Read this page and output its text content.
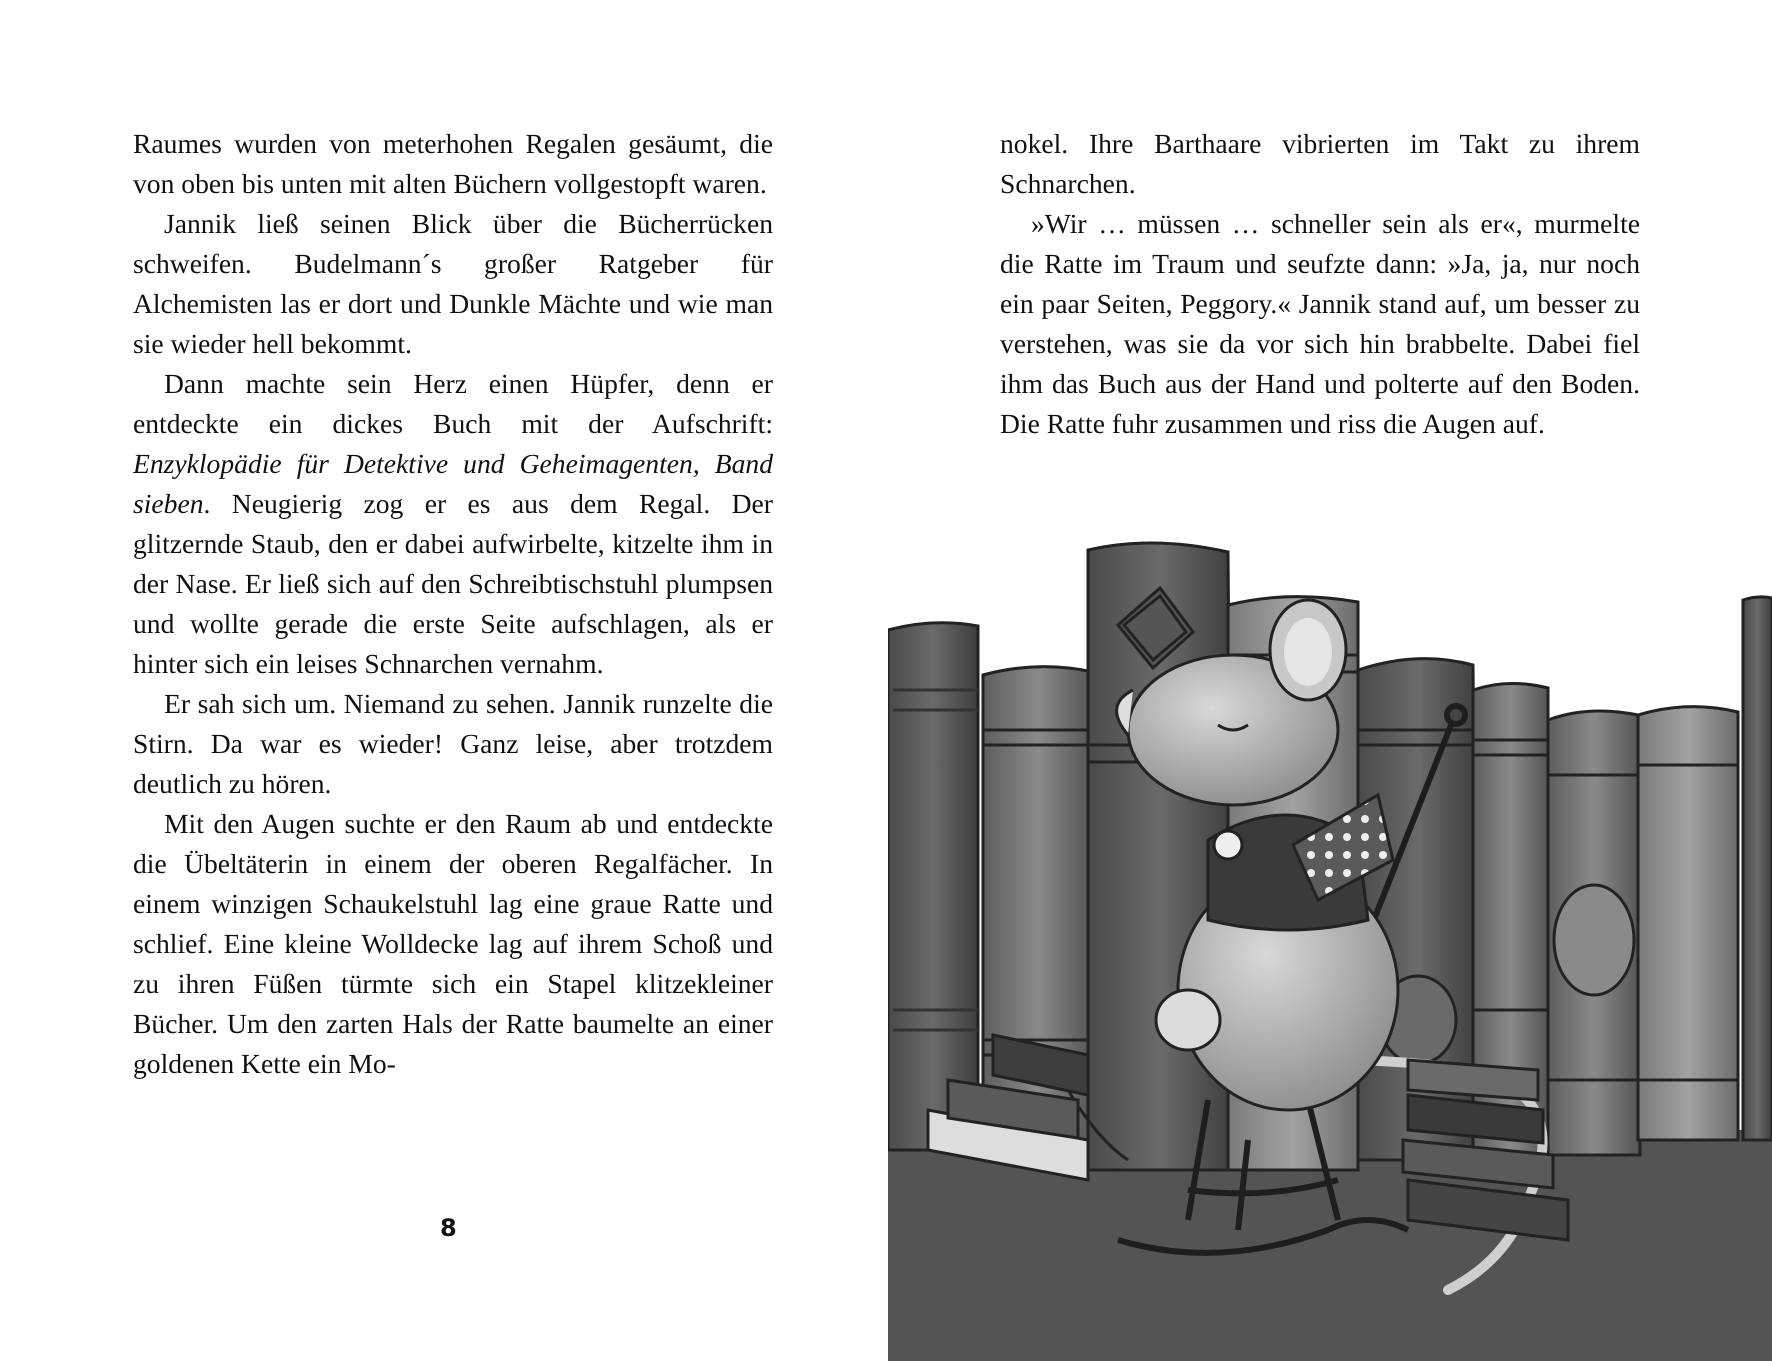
Raumes wurden von meterhohen Regalen gesäumt, die von oben bis unten mit alten Büchern vollgestopft waren.

Jannik ließ seinen Blick über die Bücherrücken schweifen. Budelmann´s großer Ratgeber für Alchemisten las er dort und Dunkle Mächte und wie man sie wieder hell bekommt.

Dann machte sein Herz einen Hüpfer, denn er entdeckte ein dickes Buch mit der Aufschrift: Enzyklopädie für Detektive und Geheimagenten, Band sieben. Neugierig zog er es aus dem Regal. Der glitzernde Staub, den er dabei aufwirbelte, kitzelte ihm in der Nase. Er ließ sich auf den Schreibtischstuhl plumpsen und wollte gerade die erste Seite aufschlagen, als er hinter sich ein leises Schnarchen vernahm.

Er sah sich um. Niemand zu sehen. Jannik runzelte die Stirn. Da war es wieder! Ganz leise, aber trotzdem deutlich zu hören.

Mit den Augen suchte er den Raum ab und entdeckte die Übeltäterin in einem der oberen Regalfächer. In einem winzigen Schaukelstuhl lag eine graue Ratte und schlief. Eine kleine Wolldecke lag auf ihrem Schoß und zu ihren Füßen türmte sich ein Stapel klitzekleiner Bücher. Um den zarten Hals der Ratte baumelte an einer goldenen Kette ein Mo-

8

nokel. Ihre Barthaare vibrierten im Takt zu ihrem Schnarchen.

»Wir … müssen … schneller sein als er«, murmelte die Ratte im Traum und seufzte dann: »Ja, ja, nur noch ein paar Seiten, Peggory.« Jannik stand auf, um besser zu verstehen, was sie da vor sich hin brabbelte. Dabei fiel ihm das Buch aus der Hand und polterte auf den Boden. Die Ratte fuhr zusammen und riss die Augen auf.
